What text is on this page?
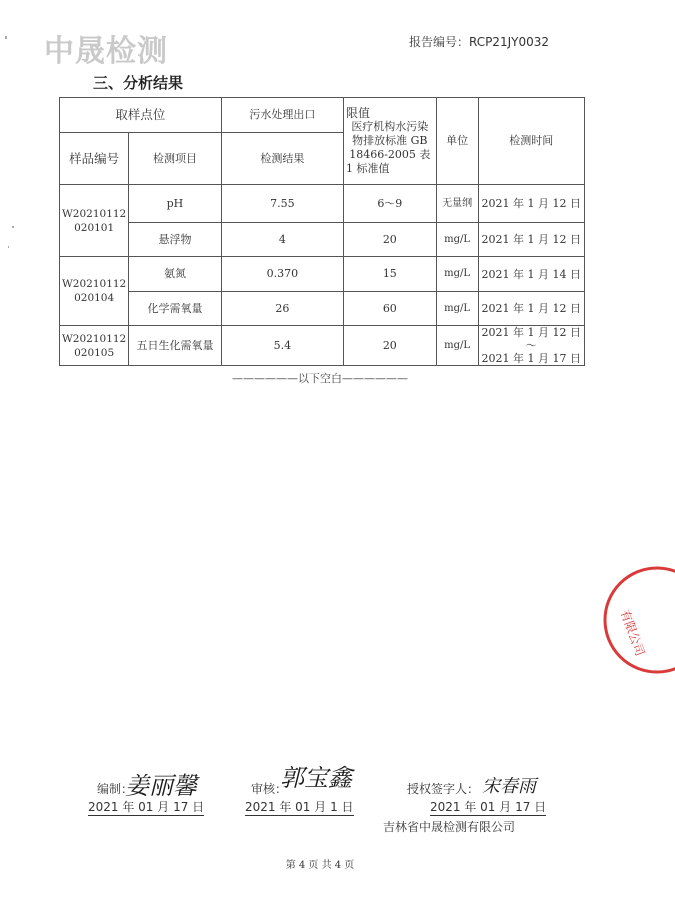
中晟检测	报告编号：RCP21JY0032
三、分析结果
取样点位		污水处理出口	限值
医疗机构水污染物排放标准 GB 18466-2005 表 1 标准值	单位	检测时间
样品编号	检测项目	检测结果			
W20210112
020101	pH	7.55	6～9	无量纲	2021 年 1 月 12 日
	悬浮物	4	20	mg/L	2021 年 1 月 12 日
W20210112
020104	氨氮	0.370	15	mg/L	2021 年 1 月 14 日
	化学需氧量	26	60	mg/L	2021 年 1 月 12 日
W20210112
020105	五日生化需氧量	5.4	20	mg/L	2021 年 1 月 12 日～
2021 年 1 月 17 日
——————以下空白——————
编制：
姜丽馨
2021 年 01 月 17 日
审核：
郭宝鑫
2021 年 01 月 1 日
授权签字人： 宋春雨
2021 年 01 月 17 日
吉林省中晟检测有限公司
有限公司
第 4 页 共 4 页
